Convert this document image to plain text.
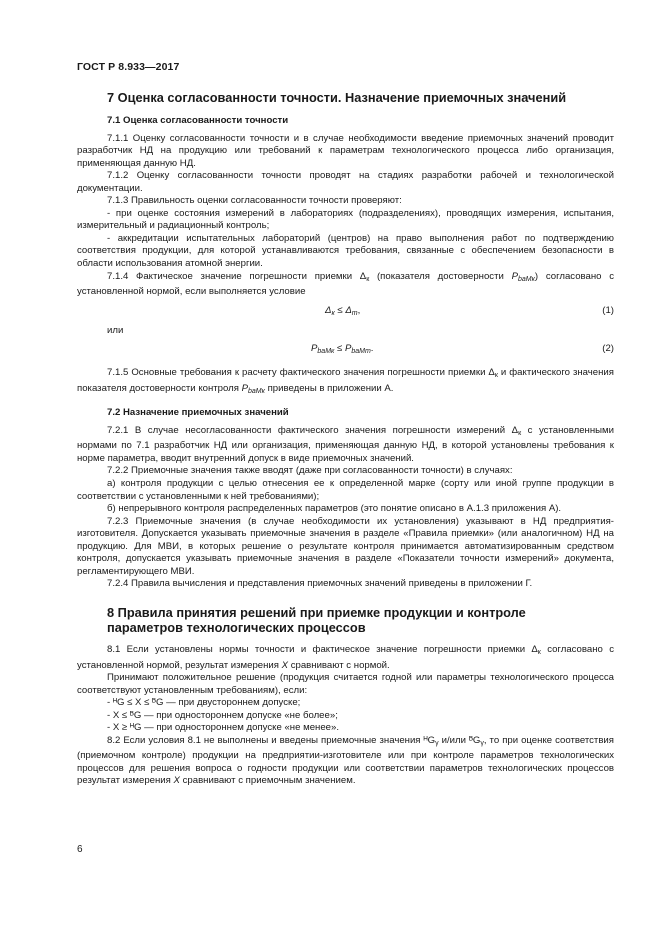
ГОСТ Р 8.933—2017
7 Оценка согласованности точности. Назначение приемочных значений
7.1 Оценка согласованности точности

7.1.1 Оценку согласованности точности и в случае необходимости введение приемочных значений проводит разработчик НД на продукцию или требований к параметрам технологического процесса либо организация, применяющая данную НД.

7.1.2 Оценку согласованности точности проводят на стадиях разработки рабочей и технологической документации.

7.1.3 Правильность оценки согласованности точности проверяют:

- при оценке состояния измерений в лабораториях (подразделениях), проводящих измерения, испытания, измерительный и радиационный контроль;

- аккредитации испытательных лабораторий (центров) на право выполнения работ по подтверждению соответствия продукции, для которой устанавливаются требования, связанные с обеспечением безопасности в области использования атомной энергии.

7.1.4 Фактическое значение погрешности приемки $\Delta_к$ (показателя достоверности $P_{baMк}$) согласовано с установленной нормой, если выполняется условие

$\Delta_к \le \Delta_m$,	(1)

или

$P_{baMк} \le P_{baMm}$.	(2)

7.1.5 Основные требования к расчету фактического значения погрешности приемки $\Delta_к$ и фактического значения показателя достоверности контроля $P_{baMк}$ приведены в приложении А.

7.2 Назначение приемочных значений

7.2.1 В случае несогласованности фактического значения погрешности измерений $\Delta_к$ с установленными нормами по 7.1 разработчик НД или организация, применяющая данную НД, в которой установлены требования к норме параметра, вводит внутренний допуск в виде приемочных значений.

7.2.2 Приемочные значения также вводят (даже при согласованности точности) в случаях:

а) контроля продукции с целью отнесения ее к определенной марке (сорту или иной группе продукции в соответствии с установленными к ней требованиями);

б) непрерывного контроля распределенных параметров (это понятие описано в А.1.3 приложения А).

7.2.3 Приемочные значения (в случае необходимости их установления) указывают в НД предприятия-изготовителя. Допускается указывать приемочные значения в разделе «Правила приемки» (или аналогичном) НД на продукцию. Для МВИ, в которых решение о результате контроля принимается автоматизированным средством контроля, допускается указывать приемочные значения в разделе «Показатели точности измерений» документа, регламентирующего МВИ.

7.2.4 Правила вычисления и представления приемочных значений приведены в приложении Г.

8 Правила принятия решений при приемке продукции и контроле
параметров технологических процессов

8.1 Если установлены нормы точности и фактическое значение погрешности приемки $\Delta_к$ согласовано с установленной нормой, результат измерения X сравнивают с нормой.

Принимают положительное решение (продукция считается годной или параметры технологического процесса соответствуют установленным требованиям), если:

- ᴴG ≤ X ≤ ᴮG — при двустороннем допуске;

- X ≤ ᴮG — при одностороннем допуске «не более»;

- X ≥ ᴴG — при одностороннем допуске «не менее».

8.2 Если условия 8.1 не выполнены и введены приемочные значения ᴴG$_\gamma$ и/или ᴮG$_\gamma$, то при оценке соответствия (приемочном контроле) продукции на предприятии-изготовителе или при контроле параметров технологических процессов для решения вопроса о годности продукции или соответствии параметров технологических процессов результат измерения X сравнивают с приемочным значением.

6
